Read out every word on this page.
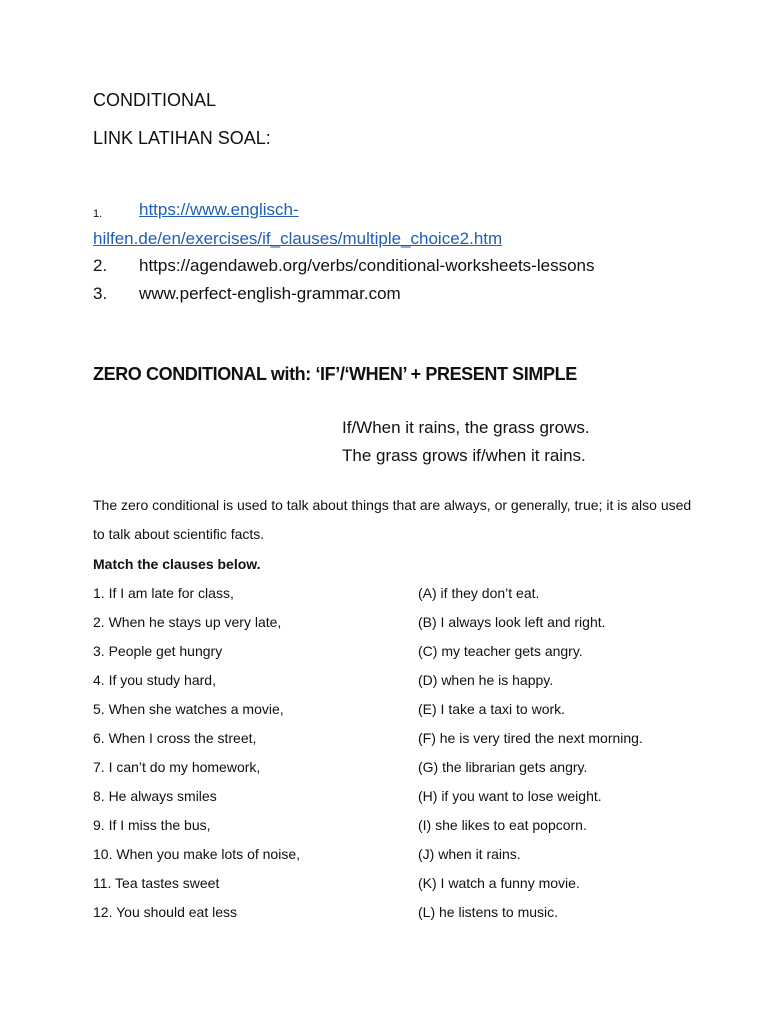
CONDITIONAL
LINK LATIHAN SOAL:
1. https://www.englisch-
hilfen.de/en/exercises/if_clauses/multiple_choice2.htm
2. https://agendaweb.org/verbs/conditional-worksheets-lessons
3. www.perfect-english-grammar.com
ZERO CONDITIONAL with: ‘IF’/‘WHEN’ + PRESENT SIMPLE
If/When it rains, the grass grows.
The grass grows if/when it rains.
The zero conditional is used to talk about things that are always, or generally, true; it is also used to talk about scientific facts.
Match the clauses below.
1. If I am late for class,
2. When he stays up very late,
3. People get hungry
4. If you study hard,
5. When she watches a movie,
6. When I cross the street,
7. I can’t do my homework,
8. He always smiles
9. If I miss the bus,
10. When you make lots of noise,
11. Tea tastes sweet
12. You should eat less
(A) if they don’t eat.
(B) I always look left and right.
(C) my teacher gets angry.
(D) when he is happy.
(E) I take a taxi to work.
(F) he is very tired the next morning.
(G) the librarian gets angry.
(H) if you want to lose weight.
(I) she likes to eat popcorn.
(J) when it rains.
(K) I watch a funny movie.
(L) he listens to music.
